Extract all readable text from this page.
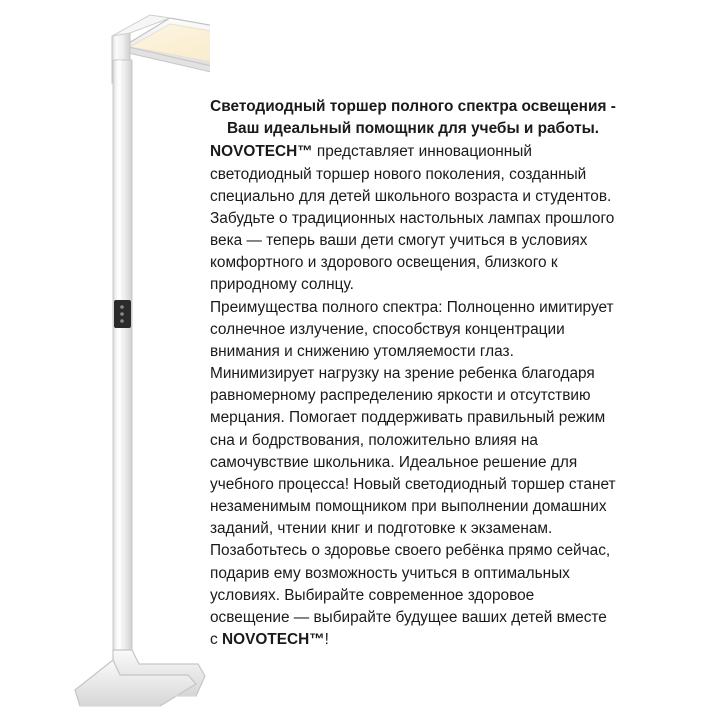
Светодиодный торшер полного спектра освещения - Ваш идеальный помощник для учебы и работы.

NOVOTECH™ представляет инновационный светодиодный торшер нового поколения, созданный специально для детей школьного возраста и студентов. Забудьте о традиционных настольных лампах прошлого века — теперь ваши дети смогут учиться в условиях комфортного и здорового освещения, близкого к природному солнцу.

Преимущества полного спектра: Полноценно имитирует солнечное излучение, способствуя концентрации внимания и снижению утомляемости глаз. Минимизирует нагрузку на зрение ребенка благодаря равномерному распределению яркости и отсутствию мерцания. Помогает поддерживать правильный режим сна и бодрствования, положительно влияя на самочувствие школьника. Идеальное решение для учебного процесса! Новый светодиодный торшер станет незаменимым помощником при выполнении домашних заданий, чтении книг и подготовке к экзаменам. Позаботьтесь о здоровье своего ребёнка прямо сейчас, подарив ему возможность учиться в оптимальных условиях. Выбирайте современное здоровое освещение — выбирайте будущее ваших детей вместе с NOVOTECH™!
